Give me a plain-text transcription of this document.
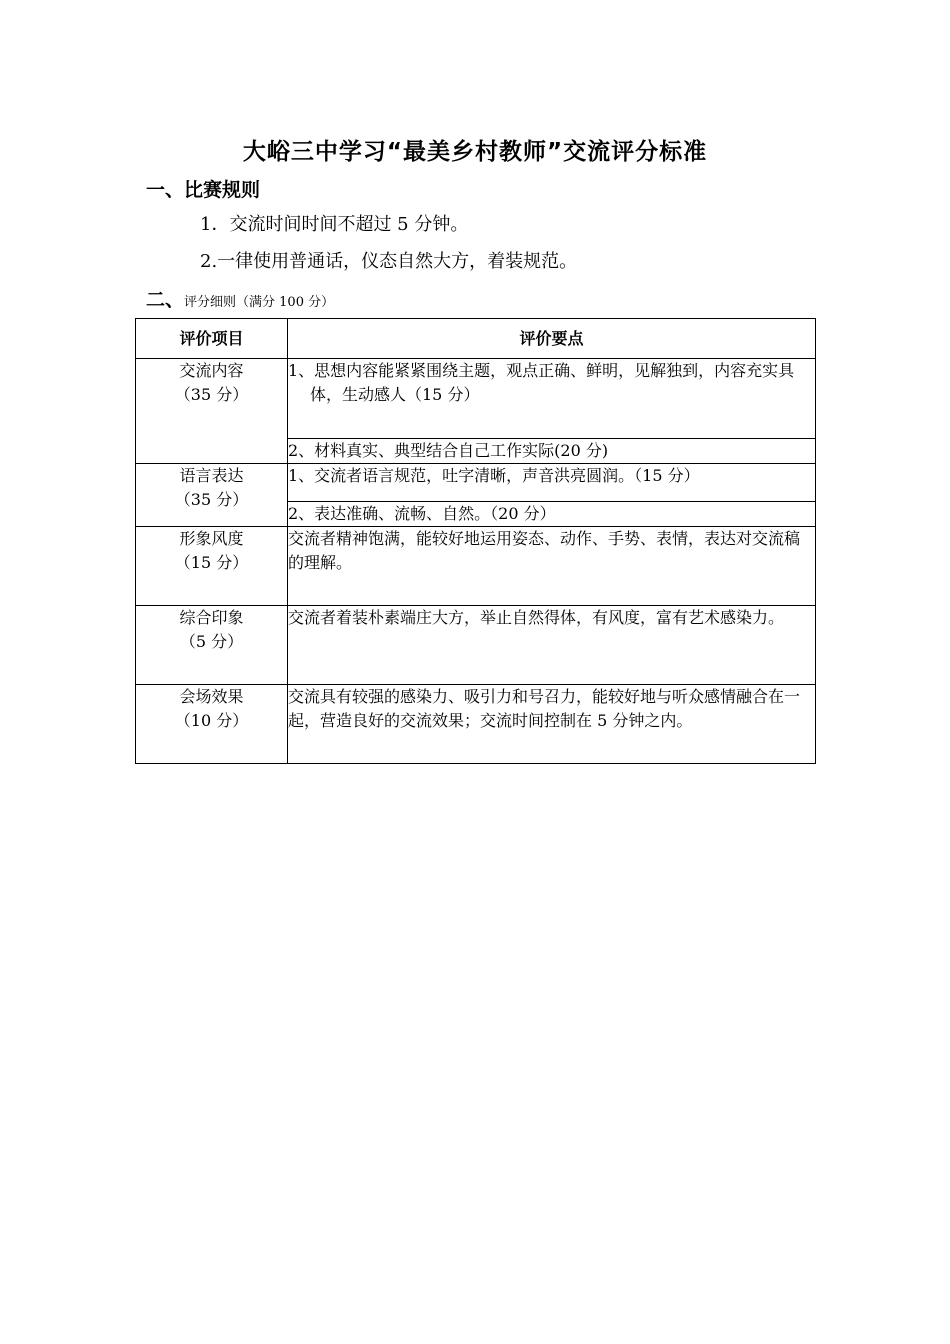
大峪三中学习“最美乡村教师”交流评分标准
一、比赛规则
1．交流时间时间不超过 5 分钟。
2.一律使用普通话，仪态自然大方，着装规范。
二、评分细则（满分 100 分）
评价项目	评价要点
交流内容
（35 分）	1、思想内容能紧紧围绕主题，观点正确、鲜明，见解独到，内容充实具体，生动感人（15 分）

	2、材料真实、典型结合自己工作实际(20 分)

语言表达
（35 分）	1、交流者语言规范，吐字清晰，声音洪亮圆润。（15 分）

	2、表达准确、流畅、自然。（20 分）

形象风度
（15 分）	交流者精神饱满，能较好地运用姿态、动作、手势、表情，表达对交流稿的理解。

综合印象
（5 分）	交流者着装朴素端庄大方，举止自然得体，有风度，富有艺术感染力。

会场效果
（10 分）	交流具有较强的感染力、吸引力和号召力，能较好地与听众感情融合在一起，营造良好的交流效果；交流时间控制在 5 分钟之内。
